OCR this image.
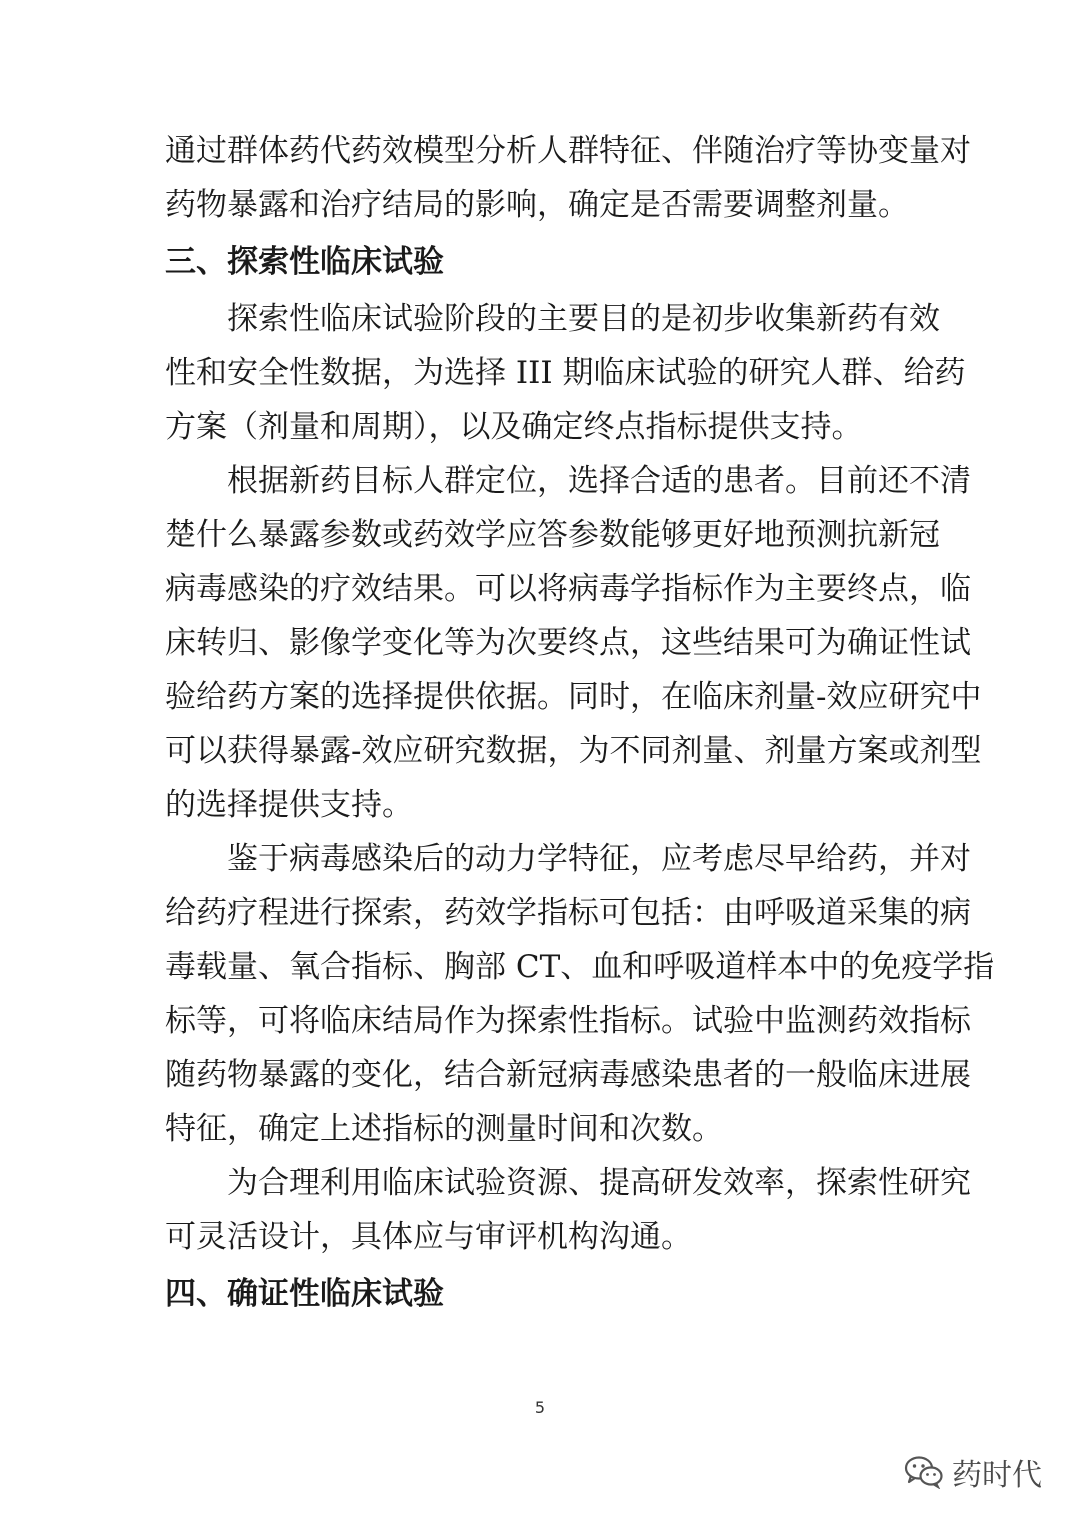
通过群体药代药效模型分析人群特征、伴随治疗等协变量对
药物暴露和治疗结局的影响，确定是否需要调整剂量。
三、探索性临床试验
探索性临床试验阶段的主要目的是初步收集新药有效
性和安全性数据，为选择 III 期临床试验的研究人群、给药
方案（剂量和周期），以及确定终点指标提供支持。
根据新药目标人群定位，选择合适的患者。目前还不清
楚什么暴露参数或药效学应答参数能够更好地预测抗新冠
病毒感染的疗效结果。可以将病毒学指标作为主要终点，临
床转归、影像学变化等为次要终点，这些结果可为确证性试
验给药方案的选择提供依据。同时，在临床剂量-效应研究中
可以获得暴露-效应研究数据，为不同剂量、剂量方案或剂型
的选择提供支持。
鉴于病毒感染后的动力学特征，应考虑尽早给药，并对
给药疗程进行探索，药效学指标可包括：由呼吸道采集的病
毒载量、氧合指标、胸部 CT、血和呼吸道样本中的免疫学指
标等，可将临床结局作为探索性指标。试验中监测药效指标
随药物暴露的变化，结合新冠病毒感染患者的一般临床进展
特征，确定上述指标的测量时间和次数。
为合理利用临床试验资源、提高研发效率，探索性研究
可灵活设计，具体应与审评机构沟通。
四、确证性临床试验
5
药时代
